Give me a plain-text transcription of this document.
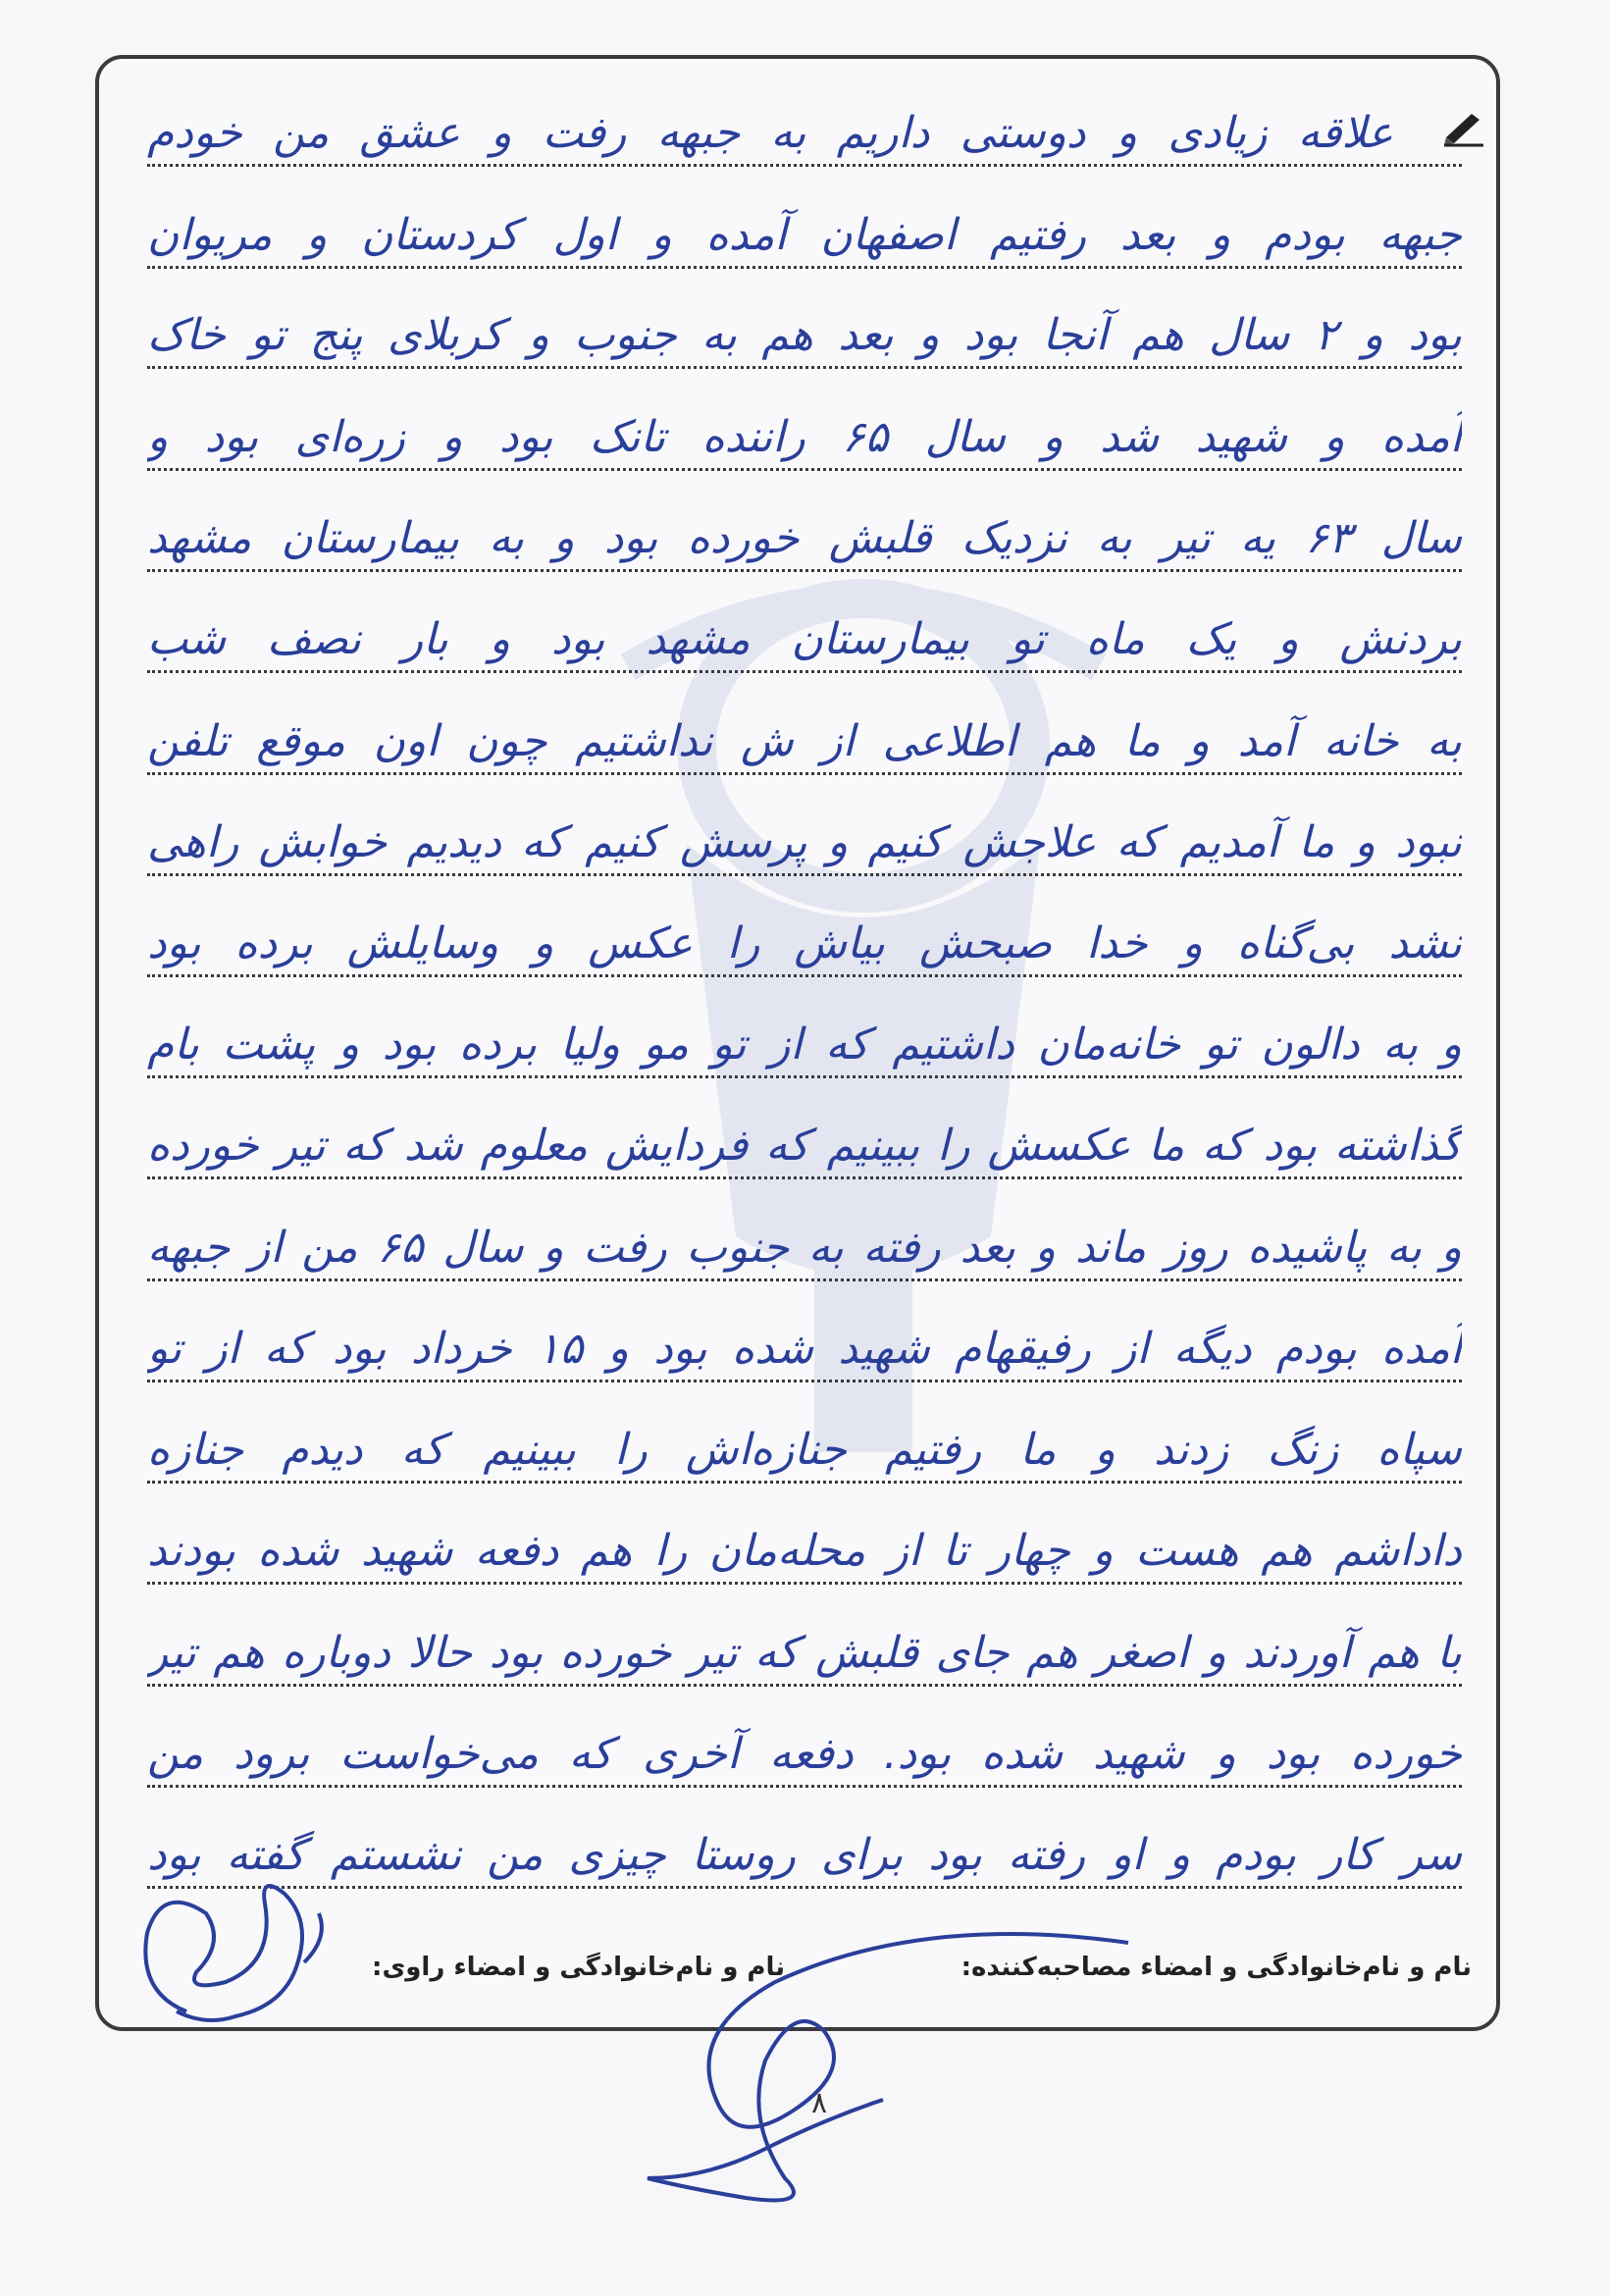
علاقه زیادی و دوستی داریم به جبهه رفت و عشق من خودم
جبهه بودم و بعد رفتیم اصفهان آمده و اول کردستان و مریوان
بود و ۲ سال هم آنجا بود و بعد هم به جنوب و کربلای پنج تو خاک
آمده و شهید شد و سال ۶۵ راننده تانک بود و زره‌ای بود و
سال ۶۳ یه تیر به نزدیک قلبش خورده بود و به بیمارستان مشهد
بردنش و یک ماه تو بیمارستان مشهد بود و بار نصف شب
به خانه آمد و ما هم اطلاعی از ش نداشتیم چون اون موقع تلفن
نبود و ما آمدیم که علاجش کنیم و پرسش کنیم که دیدیم خوابش راهی
نشد بی‌گناه و خدا صبحش بیاش را عکس و وسایلش برده بود
و به دالون تو خانه‌مان داشتیم که از تو مو ولیا برده بود و پشت بام
گذاشته بود که ما عکسش را ببینیم که فردایش معلوم شد که تیر خورده
و به پاشیده روز ماند و بعد رفته به جنوب رفت و سال ۶۵ من از جبهه
آمده بودم دیگه از رفیقهام شهید شده بود و ۱۵ خرداد بود که از تو
سپاه زنگ زدند و ما رفتیم جنازه‌اش را ببینیم که دیدم جنازه
داداشم هم هست و چهار تا از محله‌مان را هم دفعه شهید شده بودند
با هم آوردند و اصغر هم جای قلبش که تیر خورده بود حالا دوباره هم تیر
خورده بود و شهید شده بود. دفعه آخری که می‌خواست برود من
سر کار بودم و او رفته بود برای روستا چیزی من نشستم گفته بود
نام و نام‌خانوادگی و امضاء مصاحبه‌کننده:
نام و نام‌خانوادگی و امضاء راوی:
۸
